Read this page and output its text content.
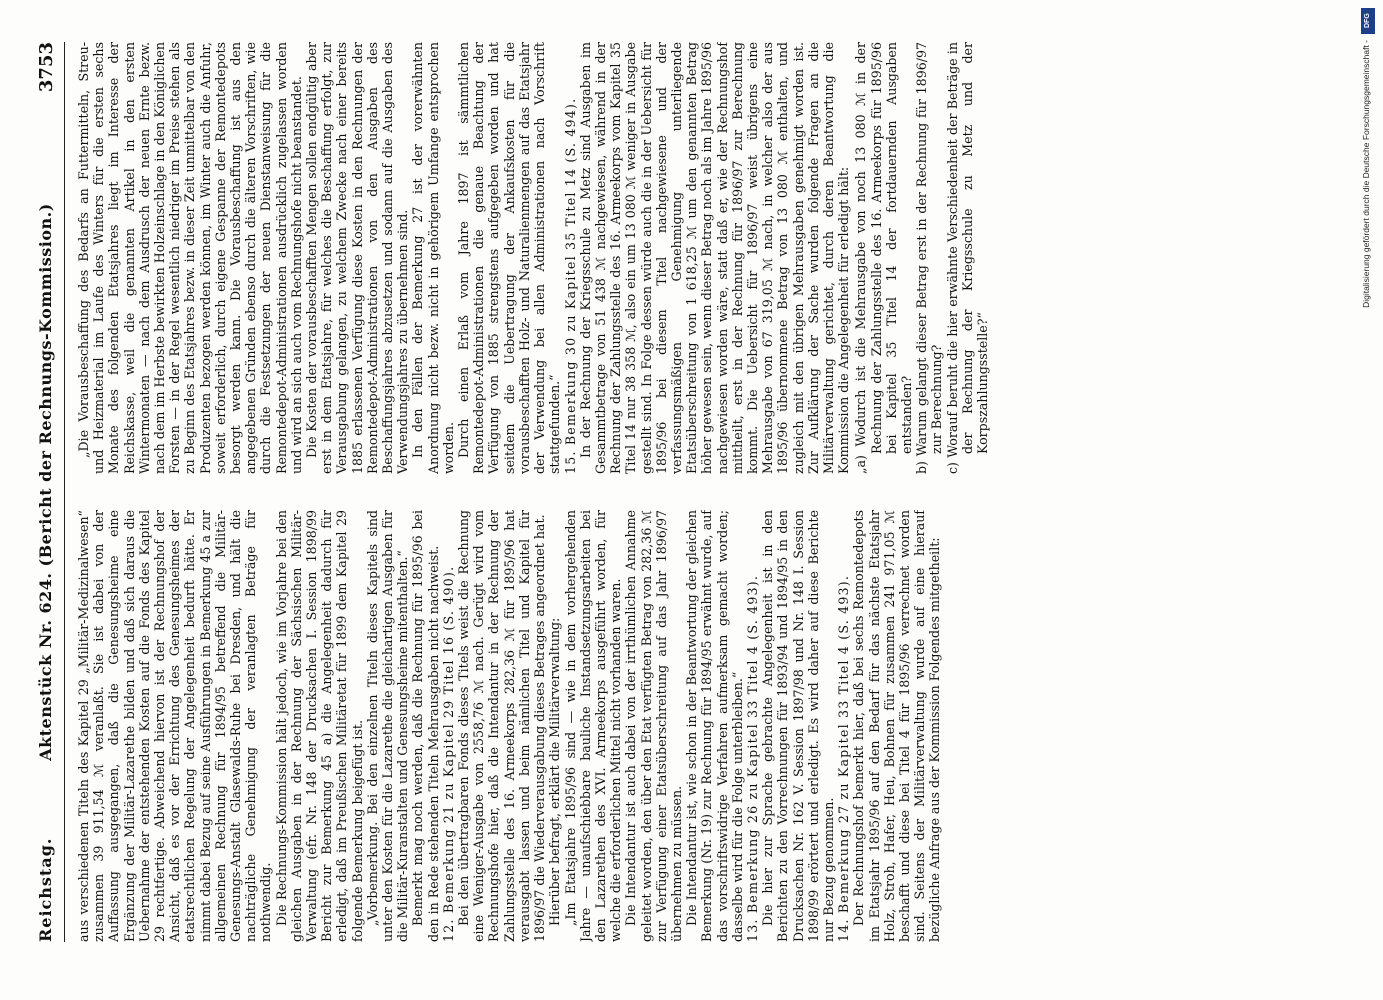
Reichstag.
Aktenstück Nr. 624. (Bericht der Rechnungs-Kommission.)
3753

aus verschiedenen Titeln des Kapitel 29 „Militär-Medizinalwesen“ zusammen 39 911,54 ℳ veranlaßt. Sie ist dabei von der Auffassung ausgegangen, daß die Genesungsheime eine Ergänzung der Militär-Lazarethe bilden und daß sich daraus die Uebernahme der entstehenden Kosten auf die Fonds des Kapitel 29 rechtfertige. Abweichend hiervon ist der Rechnungshof der Ansicht, daß es vor der Errichtung des Genesungsheimes der etatsrechtlichen Regelung der Angelegenheit bedurft hätte. Er nimmt dabei Bezug auf seine Ausführungen in Bemerkung 45 a zur allgemeinen Rechnung für 1894/95 betreffend die Militär-Genesungs-Anstalt Glasewalds-Ruhe bei Dresden, und hält die nachträgliche Genehmigung der veranlagten Beträge für nothwendig. Die Rechnungs-Kommission hält jedoch, wie im Vorjahre bei den gleichen Ausgaben in der Rechnung der Sächsischen Militär-Verwaltung (efr. Nr. 148 der Drucksachen I. Session 1898/99 Bericht zur Bemerkung 45 a) die Angelegenheit dadurch für erledigt, daß im Preußischen Militäretat für 1899 dem Kapitel 29 folgende Bemerkung beigefügt ist. „Vorbemerkung. Bei den einzelnen Titeln dieses Kapitels sind unter den Kosten für die Lazarethe die gleichartigen Ausgaben für die Militär-Kuranstalten und Genesungsheime mitenthalten.“ Bemerkt mag noch werden, daß die Rechnung für 1895/96 bei den in Rede stehenden Titeln Mehrausgaben nicht nachweist. 12. Bemerkung 21 zu Kapitel 29 Titel 16 (S. 490). Bei den übertragbaren Fonds dieses Titels weist die Rechnung eine Weniger-Ausgabe von 2558,76 ℳ nach. Gerügt wird vom Rechnungshofe hier, daß die Intendantur in der Rechnung der Zahlungsstelle des 16. Armeekorps 282,36 ℳ für 1895/96 hat verausgabt lassen und beim nämlichen Titel und Kapitel für 1896/97 die Wiederverausgabung dieses Betrages angeordnet hat. Hierüber befragt, erklärt die Militärverwaltung: „Im Etatsjahre 1895/96 sind — wie in dem vorhergehenden Jahre — unaufschiebbare bauliche Instandsetzungsarbeiten bei den Lazarethen des XVI. Armeekorps ausgeführt worden, für welche die erforderlichen Mittel nicht vorhanden waren. Die Intendantur ist auch dabei von der irrthümlichen Annahme geleitet worden, den über den Etat verfügten Betrag von 282,36 ℳ zur Verfügung einer Etatsüberschreitung auf das Jahr 1896/97 übernehmen zu müssen. Die Intendantur ist, wie schon in der Beantwortung der gleichen Bemerkung (Nr. 19) zur Rechnung für 1894/95 erwähnt wurde, auf das vorschriftswidrige Verfahren aufmerksam gemacht worden; dasselbe wird für die Folge unterbleiben.“ 13. Bemerkung 26 zu Kapitel 33 Titel 4 (S. 493). Die hier zur Sprache gebrachte Angelegenheit ist in den Berichten zu den Vorrechnungen für 1893/94 und 1894/95 in den Drucksachen Nr. 162 V. Session 1897/98 und Nr. 148 I. Session 1898/99 erörtert und erledigt. Es wird daher auf diese Berichte nur Bezug genommen. 14. Bemerkung 27 zu Kapitel 33 Titel 4 (S. 493). Der Rechnungshof bemerkt hier, daß bei sechs Remontedepots im Etatsjahr 1895/96 auf den Bedarf für das nächste Etatsjahr Holz, Stroh, Hafer, Heu, Bohnen für zusammen 241 971,05 ℳ beschafft und diese bei Titel 4 für 1895/96 verrechnet worden sind. Seitens der Militärverwaltung wurde auf eine hierauf bezügliche Anfrage aus der Kommission Folgendes mitgetheilt:

„Die Vorausbeschaffung des Bedarfs an Futtermitteln, Streu- und Heizmaterial im Laufe des Winters für die ersten sechs Monate des folgenden Etatsjahres liegt im Interesse der Reichskasse, weil die genannten Artikel in den ersten Wintermonaten — nach dem Ausdrusch der neuen Ernte bezw. nach dem im Herbste bewirkten Holzeinschlage in den Königlichen Forsten — in der Regel wesentlich niedriger im Preise stehen als zu Beginn des Etatsjahres bezw. in dieser Zeit unmittelbar von den Produzenten bezogen werden können, im Winter auch die Anfuhr, soweit erforderlich, durch eigene Gespanne der Remontedepots besorgt werden kann. Die Vorausbeschaffung ist aus den angegebenen Gründen ebenso durch die älteren Vorschriften, wie durch die Festsetzungen der neuen Dienstanweisung für die Remontedepot-Administrationen ausdrücklich zugelassen worden und wird an sich auch vom Rechnungshofe nicht beanstandet. Die Kosten der vorausbeschafften Mengen sollen endgültig aber erst in dem Etatsjahre, für welches die Beschaffung erfolgt, zur Verausgabung gelangen, zu welchem Zwecke nach einer bereits 1885 erlassenen Verfügung diese Kosten in den Rechnungen der Remontedepot-Administrationen von den Ausgaben des Beschaffungsjahres abzusetzen und sodann auf die Ausgaben des Verwendungsjahres zu übernehmen sind. In den Fällen der Bemerkung 27 ist der vorerwähnten Anordnung nicht bezw. nicht in gehörigem Umfange entsprochen worden. Durch einen Erlaß vom Jahre 1897 ist sämmtlichen Remontedepot-Administrationen die genaue Beachtung der Verfügung von 1885 strengstens aufgegeben worden und hat seitdem die Uebertragung der Ankaufskosten für die vorausbeschafften Holz- und Naturalienmengen auf das Etatsjahr der Verwendung bei allen Administrationen nach Vorschrift stattgefunden.“ 15. Bemerkung 30 zu Kapitel 35 Titel 14 (S. 494). In der Rechnung der Kriegsschule zu Metz sind Ausgaben im Gesammtbetrage von 51 438 ℳ nachgewiesen, während in der Rechnung der Zahlungsstelle des 16. Armeekorps vom Kapitel 35 Titel 14 nur 38 358 ℳ, also ein um 13 080 ℳ weniger in Ausgabe gestellt sind. In Folge dessen würde auch die in der Uebersicht für 1895/96 bei diesem Titel nachgewiesene und der verfassungsmäßigen Genehmigung unterliegende Etatsüberschreitung von 1 618,25 ℳ um den genannten Betrag höher gewesen sein, wenn dieser Betrag noch als im Jahre 1895/96 nachgewiesen worden wäre, statt daß er, wie der Rechnungshof mittheilt, erst in der Rechnung für 1896/97 zur Berechnung kommt. Die Uebersicht für 1896/97 weist übrigens eine Mehrausgabe von 67 319,05 ℳ nach, in welcher also der aus 1895/96 übernommene Betrag von 13 080 ℳ enthalten, und zugleich mit den übrigen Mehrausgaben genehmigt worden ist. Zur Aufklärung der Sache wurden folgende Fragen an die Militärverwaltung gerichtet, durch deren Beantwortung die Kommission die Angelegenheit für erledigt hält: „a) Wodurch ist die Mehrausgabe von noch 13 080 ℳ in der Rechnung der Zahlungsstelle des 16. Armeekorps für 1895/96 bei Kapitel 35 Titel 14 der fortdauernden Ausgaben entstanden? b) Warum gelangt dieser Betrag erst in der Rechnung für 1896/97 zur Berechnung? c) Worauf beruht die hier erwähnte Verschiedenheit der Beträge in der Rechnung der Kriegsschule zu Metz und der Korpszahlungsstelle?“

Digitalisierung gefördert durch die Deutsche Forschungsgemeinschaft -
DFG
